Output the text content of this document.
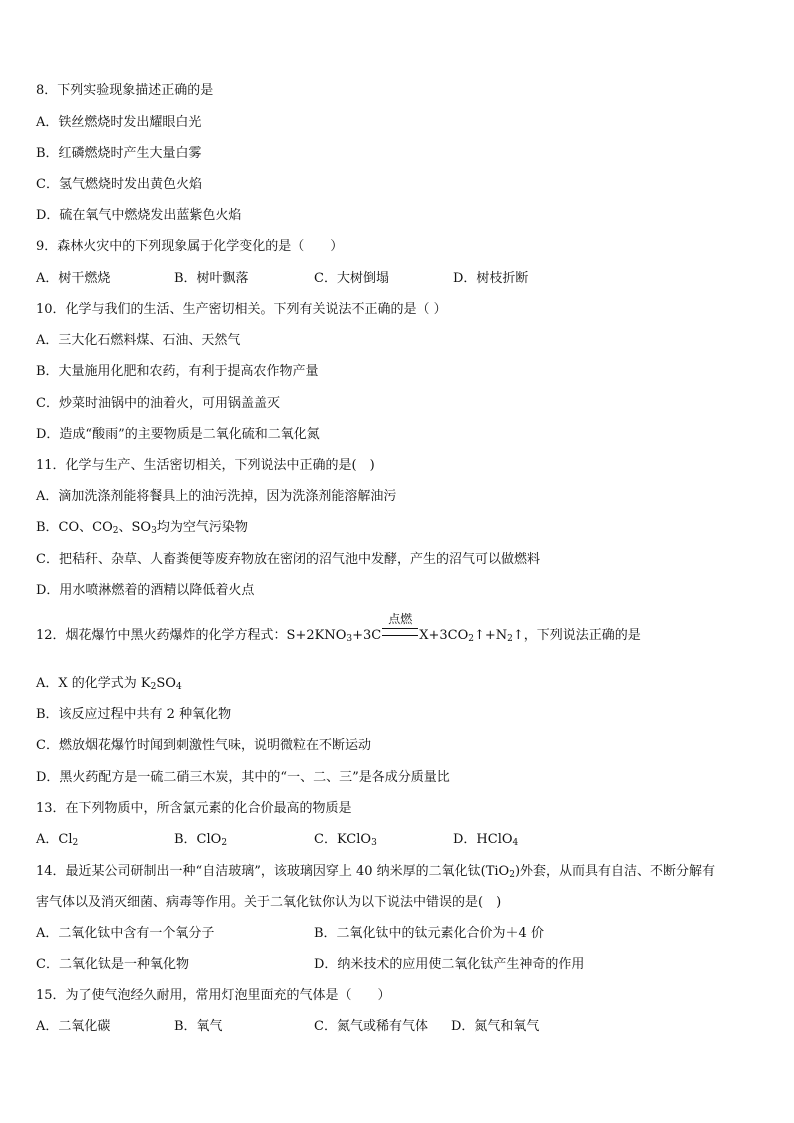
8．下列实验现象描述正确的是
A．铁丝燃烧时发出耀眼白光
B．红磷燃烧时产生大量白雾
C．氢气燃烧时发出黄色火焰
D．硫在氧气中燃烧发出蓝紫色火焰
9．森林火灾中的下列现象属于化学变化的是（　　）
A．树干燃烧	B．树叶飘落	C．大树倒塌	D．树枝折断
10．化学与我们的生活、生产密切相关。下列有关说法不正确的是（ ）
A．三大化石燃料煤、石油、天然气
B．大量施用化肥和农药，有利于提高农作物产量
C．炒菜时油锅中的油着火，可用锅盖盖灭
D．造成“酸雨”的主要物质是二氧化硫和二氧化氮
11．化学与生产、生活密切相关，下列说法中正确的是(　)
A．滴加洗涤剂能将餐具上的油污洗掉，因为洗涤剂能溶解油污
B．CO、$CO_2$、$SO_3$均为空气污染物
C．把秸秆、杂草、人畜粪便等废弃物放在密闭的沼气池中发酵，产生的沼气可以做燃料
D．用水喷淋燃着的酒精以降低着火点
12．烟花爆竹中黑火药爆炸的化学方程式：$S+2KNO_3+3C$
点燃
$X+3CO_2↑+N_2↑$，下列说法正确的是
A．X 的化学式为 $K_2SO_4$
B．该反应过程中共有 2 种氧化物
C．燃放烟花爆竹时闻到刺激性气味，说明微粒在不断运动
D．黑火药配方是一硫二硝三木炭，其中的“一、二、三”是各成分质量比
13．在下列物质中，所含氯元素的化合价最高的物质是
A．$Cl_2$	B．ClO$_2$	C．KClO$_3$	D．HClO$_4$
14．最近某公司研制出一种“自洁玻璃”，该玻璃因穿上 40 纳米厚的二氧化钛(TiO$_2$)外套，从而具有自洁、不断分解有
害气体以及消灭细菌、病毒等作用。关于二氧化钛你认为以下说法中错误的是(　)
A．二氧化钛中含有一个氧分子	B．二氧化钛中的钛元素化合价为＋4 价
C．二氧化钛是一种氧化物	D．纳米技术的应用使二氧化钛产生神奇的作用
15．为了使气泡经久耐用，常用灯泡里面充的气体是（　　）
A．二氧化碳	B．氧气	C．氮气或稀有气体 D．氮气和氧气
